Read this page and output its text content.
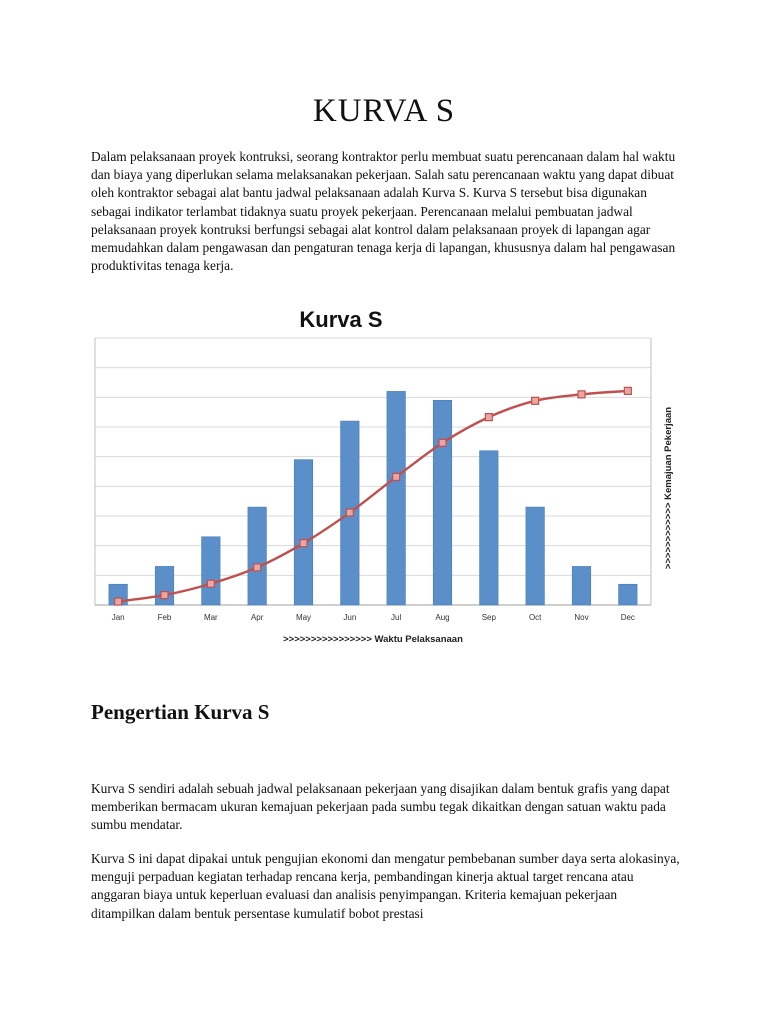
KURVA S
Dalam pelaksanaan proyek kontruksi, seorang kontraktor perlu membuat suatu perencanaan dalam hal waktu dan biaya yang diperlukan selama melaksanakan pekerjaan. Salah satu perencanaan waktu yang dapat dibuat oleh kontraktor sebagai alat bantu jadwal pelaksanaan adalah Kurva S. Kurva S tersebut bisa digunakan sebagai indikator terlambat tidaknya suatu proyek pekerjaan. Perencanaan melalui pembuatan jadwal pelaksanaan proyek kontruksi berfungsi sebagai alat kontrol dalam pelaksanaan proyek di lapangan agar memudahkan dalam pengawasan dan pengaturan tenaga kerja di lapangan, khususnya dalam hal pengawasan produktivitas tenaga kerja.
Kurva S
Jan	Feb	Mar	Apr	May	Jun	Jul	Aug	Sep	Oct	Nov	Dec
>>>>>>>>>>>>>>>> Waktu Pelaksanaan
>>>>>>>>>>>> Kemajuan Pekerjaan
Pengertian Kurva S
Kurva S sendiri adalah sebuah jadwal pelaksanaan pekerjaan yang disajikan dalam bentuk grafis yang dapat memberikan bermacam ukuran kemajuan pekerjaan pada sumbu tegak dikaitkan dengan satuan waktu pada sumbu mendatar.
Kurva S ini dapat dipakai untuk pengujian ekonomi dan mengatur pembebanan sumber daya serta alokasinya, menguji perpaduan kegiatan terhadap rencana kerja, pembandingan kinerja aktual target rencana atau anggaran biaya untuk keperluan evaluasi dan analisis penyimpangan. Kriteria kemajuan pekerjaan ditampilkan dalam bentuk persentase kumulatif bobot prestasi
